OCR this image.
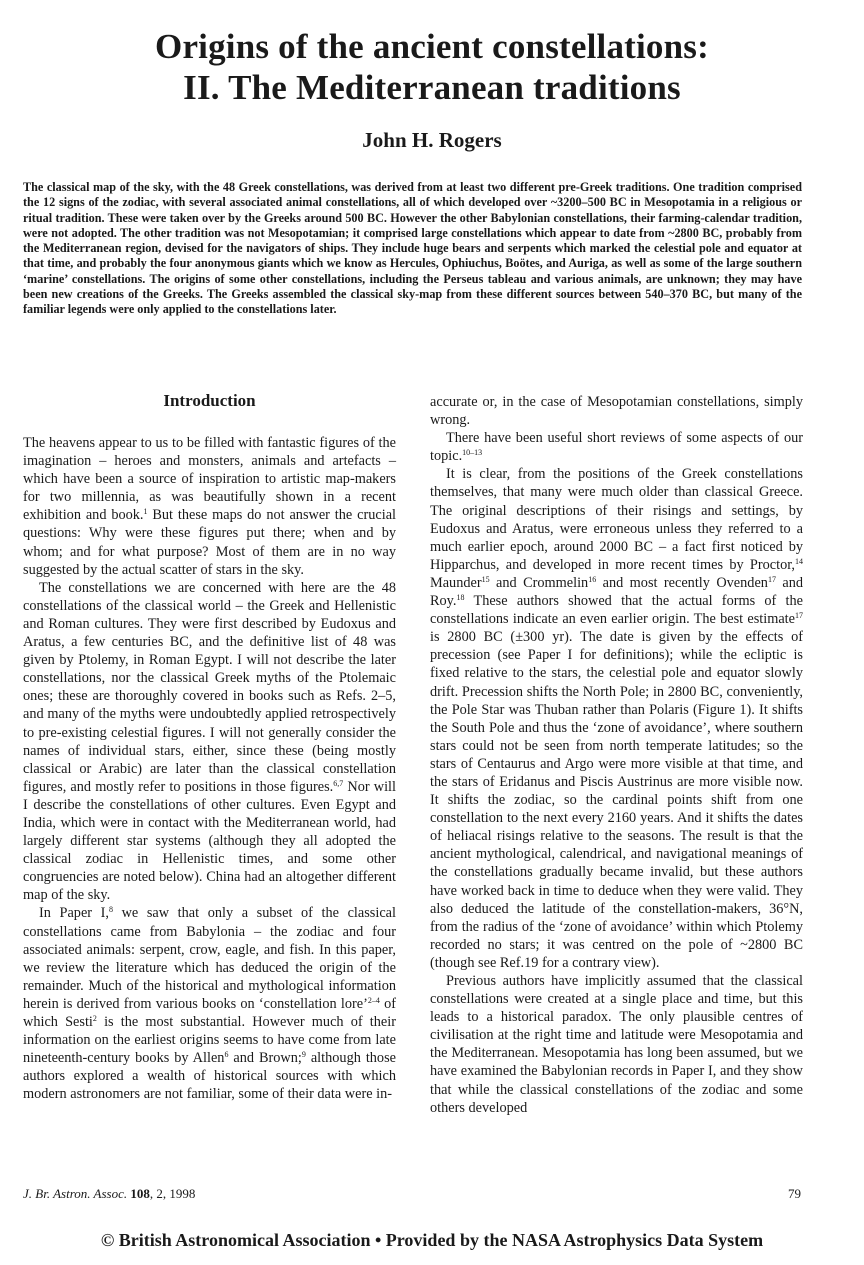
Origins of the ancient constellations:
II. The Mediterranean traditions
John H. Rogers
The classical map of the sky, with the 48 Greek constellations, was derived from at least two different pre-Greek traditions. One tradition comprised the 12 signs of the zodiac, with several associated animal constellations, all of which developed over ~3200–500 BC in Mesopotamia in a religious or ritual tradition. These were taken over by the Greeks around 500 BC. However the other Babylonian constellations, their farming-calendar tradition, were not adopted. The other tradition was not Mesopotamian; it comprised large constellations which appear to date from ~2800 BC, probably from the Mediterranean region, devised for the navigators of ships. They include huge bears and serpents which marked the celestial pole and equator at that time, and probably the four anonymous giants which we know as Hercules, Ophiuchus, Boötes, and Auriga, as well as some of the large southern ‘marine’ constellations. The origins of some other constellations, including the Perseus tableau and various animals, are unknown; they may have been new creations of the Greeks. The Greeks assembled the classical sky-map from these different sources between 540–370 BC, but many of the familiar legends were only applied to the constellations later.
Introduction

The heavens appear to us to be filled with fantastic figures of the imagination – heroes and monsters, animals and artefacts – which have been a source of inspiration to artistic map-makers for two millennia, as was beautifully shown in a recent exhibition and book.$^1$ But these maps do not answer the crucial questions: Why were these figures put there; when and by whom; and for what purpose? Most of them are in no way suggested by the actual scatter of stars in the sky.

The constellations we are concerned with here are the 48 constellations of the classical world – the Greek and Hellenistic and Roman cultures. They were first described by Eudoxus and Aratus, a few centuries BC, and the definitive list of 48 was given by Ptolemy, in Roman Egypt. I will not describe the later constellations, nor the classical Greek myths of the Ptolemaic ones; these are thoroughly covered in books such as Refs. 2–5, and many of the myths were undoubtedly applied retrospectively to pre-existing celestial figures. I will not generally consider the names of individual stars, either, since these (being mostly classical or Arabic) are later than the classical constellation figures, and mostly refer to positions in those figures.$^{6,7}$ Nor will I describe the constellations of other cultures. Even Egypt and India, which were in contact with the Mediterranean world, had largely different star systems (although they all adopted the classical zodiac in Hellenistic times, and some other congruencies are noted below). China had an altogether different map of the sky.

In Paper I,$^8$ we saw that only a subset of the classical constellations came from Babylonia – the zodiac and four associated animals: serpent, crow, eagle, and fish. In this paper, we review the literature which has deduced the origin of the remainder. Much of the historical and mythological information herein is derived from various books on ‘constellation lore’$^{2-4}$ of which Sesti$^2$ is the most substantial. However much of their information on the earliest origins seems to have come from late nineteenth-century books by Allen$^6$ and Brown;$^9$ although those authors explored a wealth of historical sources with which modern astronomers are not familiar, some of their data were in-

accurate or, in the case of Mesopotamian constellations, simply wrong.

There have been useful short reviews of some aspects of our topic.$^{10-13}$

It is clear, from the positions of the Greek constellations themselves, that many were much older than classical Greece. The original descriptions of their risings and settings, by Eudoxus and Aratus, were erroneous unless they referred to a much earlier epoch, around 2000 BC – a fact first noticed by Hipparchus, and developed in more recent times by Proctor,$^{14}$ Maunder$^{15}$ and Crommelin$^{16}$ and most recently Ovenden$^{17}$ and Roy.$^{18}$ These authors showed that the actual forms of the constellations indicate an even earlier origin. The best estimate$^{17}$ is 2800 BC (±300 yr). The date is given by the effects of precession (see Paper I for definitions); while the ecliptic is fixed relative to the stars, the celestial pole and equator slowly drift. Precession shifts the North Pole; in 2800 BC, conveniently, the Pole Star was Thuban rather than Polaris (Figure 1). It shifts the South Pole and thus the ‘zone of avoidance’, where southern stars could not be seen from north temperate latitudes; so the stars of Centaurus and Argo were more visible at that time, and the stars of Eridanus and Piscis Austrinus are more visible now. It shifts the zodiac, so the cardinal points shift from one constellation to the next every 2160 years. And it shifts the dates of heliacal risings relative to the seasons. The result is that the ancient mythological, calendrical, and navigational meanings of the constellations gradually became invalid, but these authors have worked back in time to deduce when they were valid. They also deduced the latitude of the constellation-makers, 36°N, from the radius of the ‘zone of avoidance’ within which Ptolemy recorded no stars; it was centred on the pole of ~2800 BC (though see Ref.19 for a contrary view).

Previous authors have implicitly assumed that the classical constellations were created at a single place and time, but this leads to a historical paradox. The only plausible centres of civilisation at the right time and latitude were Mesopotamia and the Mediterranean. Mesopotamia has long been assumed, but we have examined the Babylonian records in Paper I, and they show that while the classical constellations of the zodiac and some others developed

J. Br. Astron. Assoc. 108, 2, 1998	79
© British Astronomical Association • Provided by the NASA Astrophysics Data System
